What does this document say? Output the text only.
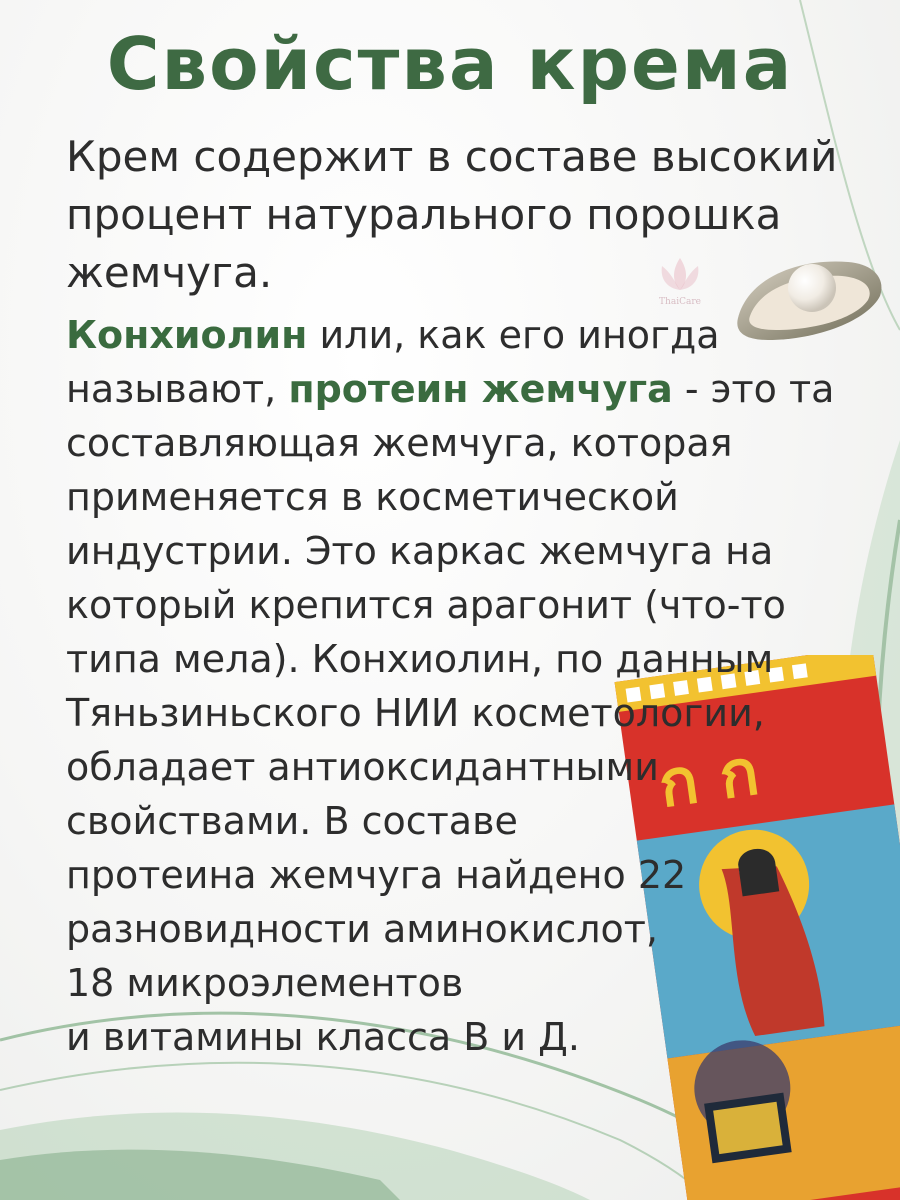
ThaiCare
ก ก
Свойства крема
Крем содержит в составе высокий
процент натурального порошка
жемчуга.
Конхиолин или, как его иногда
называют, протеин жемчуга - это та
составляющая жемчуга, которая
применяется в косметической
индустрии. Это каркас жемчуга на
который крепится арагонит (что-то
типа мела). Конхиолин, по данным
Тяньзиньского НИИ косметологии,
обладает антиоксидантными
свойствами. В составе
протеина жемчуга найдено 22
разновидности аминокислот,
18 микроэлементов
и витамины класса В и Д.
